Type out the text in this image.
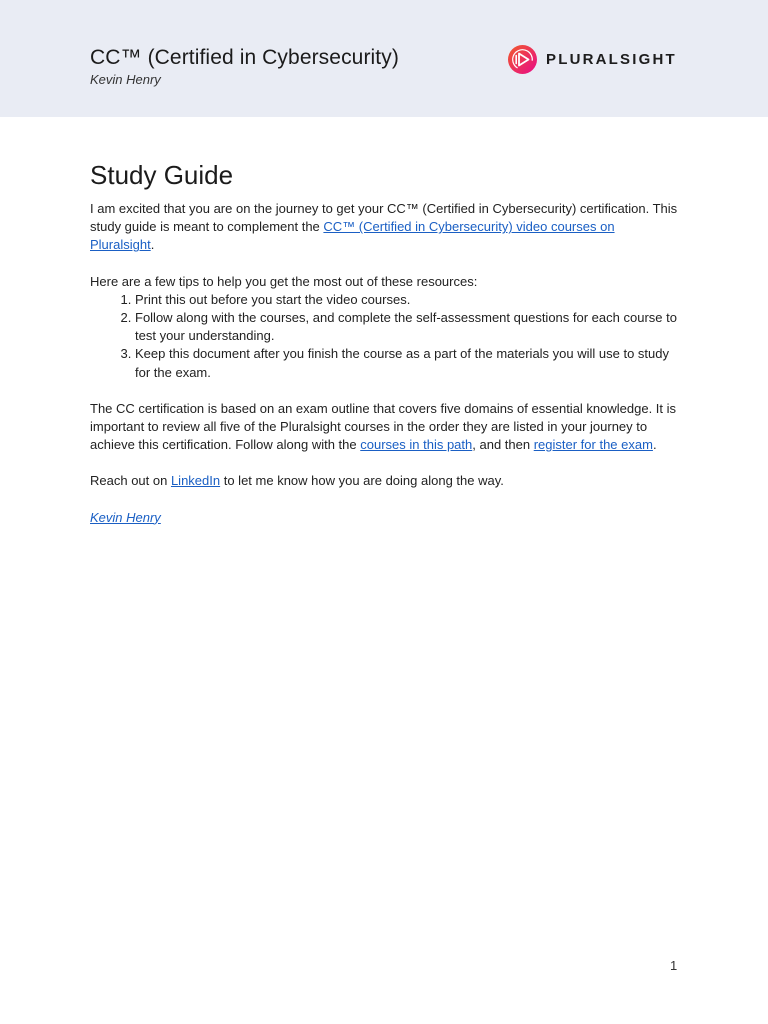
CC™ (Certified in Cybersecurity)
Kevin Henry
PLURALSIGHT
Study Guide

I am excited that you are on the journey to get your CC™ (Certified in Cybersecurity) certification. This study guide is meant to complement the CC™ (Certified in Cybersecurity) video courses on Pluralsight.

Here are a few tips to help you get the most out of these resources:

1. Print this out before you start the video courses.
2. Follow along with the courses, and complete the self-assessment questions for each course to test your understanding.
3. Keep this document after you finish the course as a part of the materials you will use to study for the exam.

The CC certification is based on an exam outline that covers five domains of essential knowledge. It is important to review all five of the Pluralsight courses in the order they are listed in your journey to achieve this certification. Follow along with the courses in this path, and then register for the exam.

Reach out on LinkedIn to let me know how you are doing along the way.

Kevin Henry

1
